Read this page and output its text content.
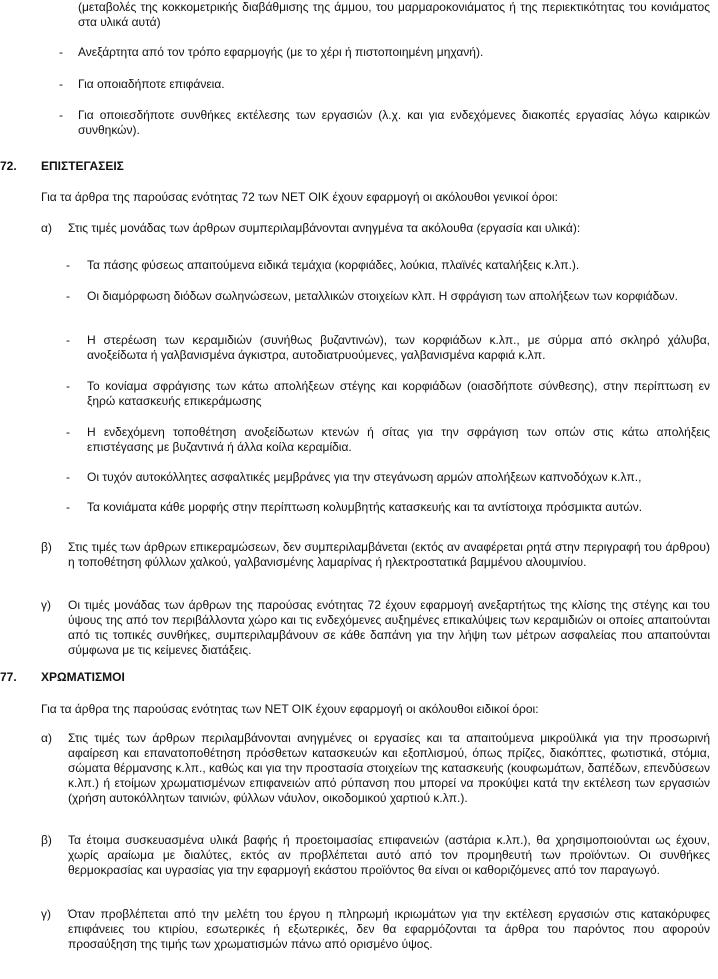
(μεταβολές της κοκκομετρικής διαβάθμισης της άμμου, του μαρμαροκονιάματος ή της περιεκτικότητας του κονιάματος στα υλικά αυτά)

- Ανεξάρτητα από τον τρόπο εφαρμογής (με το χέρι ή πιστοποιημένη μηχανή).

- Για οποιαδήποτε επιφάνεια.

- Για οποιεσδήποτε συνθήκες εκτέλεσης των εργασιών (λ.χ. και για ενδεχόμενες διακοπές εργασίας λόγω καιρικών συνθηκών).

72. ΕΠΙΣΤΕΓΑΣΕΙΣ

Για τα άρθρα της παρούσας ενότητας 72 των ΝΕΤ ΟΙΚ έχουν εφαρμογή οι ακόλουθοι γενικοί όροι:

α) Στις τιμές μονάδας των άρθρων συμπεριλαμβάνονται ανηγμένα τα ακόλουθα (εργασία και υλικά):

- Τα πάσης φύσεως απαιτούμενα ειδικά τεμάχια (κορφιάδες, λούκια, πλαϊνές καταλήξεις κ.λπ.).

- Οι διαμόρφωση διόδων σωληνώσεων, μεταλλικών στοιχείων κλπ. Η σφράγιση των απολήξεων των κορφιάδων.

- Η στερέωση των κεραμιδιών (συνήθως βυζαντινών), των κορφιάδων κ.λπ., με σύρμα από σκληρό χάλυβα, ανοξείδωτα ή γαλβανισμένα άγκιστρα, αυτοδιατρυούμενες, γαλβανισμένα καρφιά κ.λπ.

- Το κονίαμα σφράγισης των κάτω απολήξεων στέγης και κορφιάδων (οιασδήποτε σύνθεσης), στην περίπτωση εν ξηρώ κατασκευής επικεράμωσης

- Η ενδεχόμενη τοποθέτηση ανοξείδωτων κτενών ή σίτας για την σφράγιση των οπών στις κάτω απολήξεις επιστέγασης με βυζαντινά ή άλλα κοίλα κεραμίδια.

- Οι τυχόν αυτοκόλλητες ασφαλτικές μεμβράνες για την στεγάνωση αρμών απολήξεων καπνοδόχων κ.λπ.,

- Τα κονιάματα κάθε μορφής στην περίπτωση κολυμβητής κατασκευής και τα αντίστοιχα πρόσμικτα αυτών.

β) Στις τιμές των άρθρων επικεραμώσεων, δεν συμπεριλαμβάνεται (εκτός αν αναφέρεται ρητά στην περιγραφή του άρθρου) η τοποθέτηση φύλλων χαλκού, γαλβανισμένης λαμαρίνας ή ηλεκτροστατικά βαμμένου αλουμινίου.

γ) Οι τιμές μονάδας των άρθρων της παρούσας ενότητας 72 έχουν εφαρμογή ανεξαρτήτως της κλίσης της στέγης και του ύψους της από τον περιβάλλοντα χώρο και τις ενδεχόμενες αυξημένες επικαλύψεις των κεραμιδιών οι οποίες απαιτούνται από τις τοπικές συνθήκες, συμπεριλαμβάνουν σε κάθε δαπάνη για την λήψη των μέτρων ασφαλείας που απαιτούνται σύμφωνα με τις κείμενες διατάξεις.

77. ΧΡΩΜΑΤΙΣΜΟΙ

Για τα άρθρα της παρούσας ενότητας των ΝΕΤ ΟΙΚ έχουν εφαρμογή οι ακόλουθοι ειδικοί όροι:

α) Στις τιμές των άρθρων περιλαμβάνονται ανηγμένες οι εργασίες και τα απαιτούμενα μικροϋλικά για την προσωρινή αφαίρεση και επανατοποθέτηση πρόσθετων κατασκευών και εξοπλισμού, όπως πρίζες, διακόπτες, φωτιστικά, στόμια, σώματα θέρμανσης κ.λπ., καθώς και για την προστασία στοιχείων της κατασκευής (κουφωμάτων, δαπέδων, επενδύσεων κ.λπ.) ή ετοίμων χρωματισμένων επιφανειών από ρύπανση που μπορεί να προκύψει κατά την εκτέλεση των εργασιών (χρήση αυτοκόλλητων ταινιών, φύλλων νάυλον, οικοδομικού χαρτιού κ.λπ.).

β) Τα έτοιμα συσκευασμένα υλικά βαφής ή προετοιμασίας επιφανειών (αστάρια κ.λπ.), θα χρησιμοποιούνται ως έχουν, χωρίς αραίωμα με διαλύτες, εκτός αν προβλέπεται αυτό από τον προμηθευτή των προϊόντων. Οι συνθήκες θερμοκρασίας και υγρασίας για την εφαρμογή εκάστου προϊόντος θα είναι οι καθοριζόμενες από τον παραγωγό.

γ) Όταν προβλέπεται από την μελέτη του έργου η πληρωμή ικριωμάτων για την εκτέλεση εργασιών στις κατακόρυφες επιφάνειες του κτιρίου, εσωτερικές ή εξωτερικές, δεν θα εφαρμόζονται τα άρθρα του παρόντος που αφορούν προσαύξηση της τιμής των χρωματισμών πάνω από ορισμένο ύψος.
